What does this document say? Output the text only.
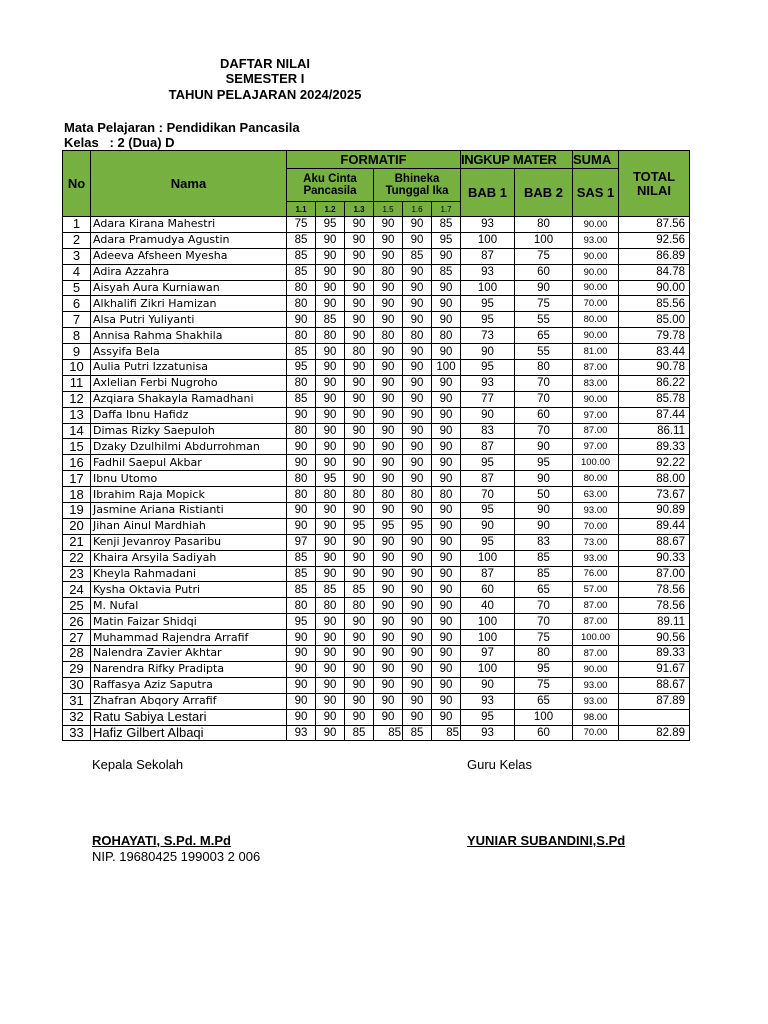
DAFTAR NILAI
SEMESTER I
TAHUN PELAJARAN 2024/2025
Mata Pelajaran : Pendidikan Pancasila
Kelas   : 2 (Dua) D
No	Nama	FORMATIF						INGKUP MATER		SUMA	TOTAL NILAI

		Aku Cinta Pancasila			Bhineka Tunggal Ika			BAB 1	BAB 2	SAS 1	
		1.1	1.2	1.3	1.5	1.6	1.7				
1	Adara Kirana Mahestri	75	95	90	90	90	85	93	80	90.00	87.56
2	Adara Pramudya Agustin	85	90	90	90	90	95	100	100	93.00	92.56
3	Adeeva Afsheen Myesha	85	90	90	90	85	90	87	75	90.00	86.89
4	Adira Azzahra	85	90	90	80	90	85	93	60	90.00	84.78
5	Aisyah Aura Kurniawan	80	90	90	90	90	90	100	90	90.00	90.00
6	Alkhalifi Zikri Hamizan	80	90	90	90	90	90	95	75	70.00	85.56
7	Alsa Putri Yuliyanti	90	85	90	90	90	90	95	55	80.00	85.00
8	Annisa Rahma Shakhila	80	80	90	80	80	80	73	65	90.00	79.78
9	Assyifa Bela	85	90	80	90	90	90	90	55	81.00	83.44
10	Aulia Putri Izzatunisa	95	90	90	90	90	100	95	80	87.00	90.78
11	Axlelian Ferbi Nugroho	80	90	90	90	90	90	93	70	83.00	86.22
12	Azqiara Shakayla Ramadhani	85	90	90	90	90	90	77	70	90.00	85.78
13	Daffa Ibnu Hafidz	90	90	90	90	90	90	90	60	97.00	87.44
14	Dimas Rizky Saepuloh	80	90	90	90	90	90	83	70	87.00	86.11
15	Dzaky Dzulhilmi Abdurrohman	90	90	90	90	90	90	87	90	97.00	89.33
16	Fadhil Saepul Akbar	90	90	90	90	90	90	95	95	100.00	92.22
17	Ibnu Utomo	80	95	90	90	90	90	87	90	80.00	88.00
18	Ibrahim Raja Mopick	80	80	80	80	80	80	70	50	63.00	73.67
19	Jasmine Ariana Ristianti	90	90	90	90	90	90	95	90	93.00	90.89
20	Jihan Ainul Mardhiah	90	90	95	95	95	90	90	90	70.00	89.44
21	Kenji Jevanroy Pasaribu	97	90	90	90	90	90	95	83	73.00	88.67
22	Khaira Arsyila Sadiyah	85	90	90	90	90	90	100	85	93.00	90.33
23	Kheyla Rahmadani	85	90	90	90	90	90	87	85	76.00	87.00
24	Kysha Oktavia Putri	85	85	85	90	90	90	60	65	57.00	78.56
25	M. Nufal	80	80	80	90	90	90	40	70	87.00	78.56
26	Matin Faizar Shidqi	95	90	90	90	90	90	100	70	87.00	89.11
27	Muhammad Rajendra Arrafif	90	90	90	90	90	90	100	75	100.00	90.56
28	Nalendra Zavier Akhtar	90	90	90	90	90	90	97	80	87.00	89.33
29	Narendra Rifky Pradipta	90	90	90	90	90	90	100	95	90.00	91.67
30	Raffasya Aziz Saputra	90	90	90	90	90	90	90	75	93.00	88.67
31	Zhafran Abqory Arrafif	90	90	90	90	90	90	93	65	93.00	87.89
32	Ratu Sabiya Lestari	90	90	90	90	90	90	95	100	98.00	
33	Hafiz Gilbert Albaqi	93	90	85	85	85	85	93	60	70.00	82.89
Kepala Sekolah	Guru Kelas
ROHAYATI, S.Pd. M.Pd
NIP. 19680425 199003 2 006
YUNIAR SUBANDINI,S.Pd
